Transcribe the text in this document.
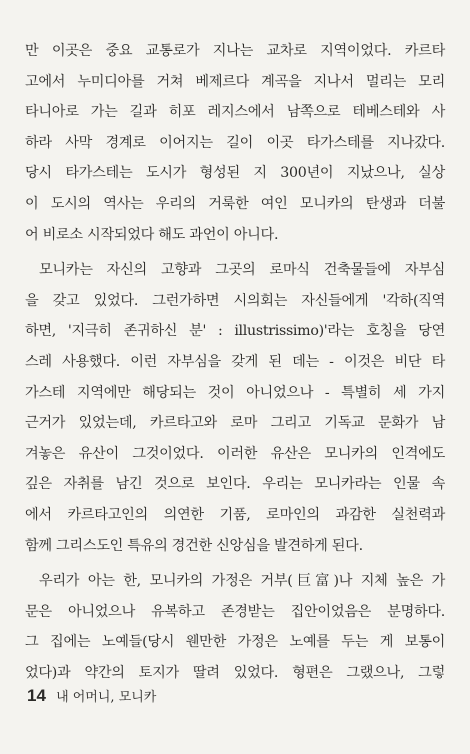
만 이곳은 중요 교통로가 지나는 교차로 지역이었다. 카르타
고에서 누미디아를 거쳐 베제르다 계곡을 지나서 멀리는 모리
타니아로 가는 길과 히포 레지스에서 남쪽으로 테베스테와 사
하라 사막 경계로 이어지는 길이 이곳 타가스테를 지나갔다.
당시 타가스테는 도시가 형성된 지 300년이 지났으나, 실상
이 도시의 역사는 우리의 거룩한 여인 모니카의 탄생과 더불
어 비로소 시작되었다 해도 과언이 아니다.
모니카는 자신의 고향과 그곳의 로마식 건축물들에 자부심
을 갖고 있었다. 그런가하면 시의회는 자신들에게 '각하(직역
하면, '지극히 존귀하신 분' : illustrissimo)'라는 호칭을 당연
스레 사용했다. 이런 자부심을 갖게 된 데는 - 이것은 비단 타
가스테 지역에만 해당되는 것이 아니었으나 - 특별히 세 가지
근거가 있었는데, 카르타고와 로마 그리고 기독교 문화가 남
겨놓은 유산이 그것이었다. 이러한 유산은 모니카의 인격에도
깊은 자취를 남긴 것으로 보인다. 우리는 모니카라는 인물 속
에서 카르타고인의 의연한 기품, 로마인의 과감한 실천력과
함께 그리스도인 특유의 경건한 신앙심을 발견하게 된다.
우리가 아는 한, 모니카의 가정은 거부(巨富)나 지체 높은 가
문은 아니었으나 유복하고 존경받는 집안이었음은 분명하다.
그 집에는 노예들(당시 웬만한 가정은 노예를 두는 게 보통이
었다)과 약간의 토지가 딸려 있었다. 형편은 그랬으나, 그렇
14 내 어머니, 모니카
